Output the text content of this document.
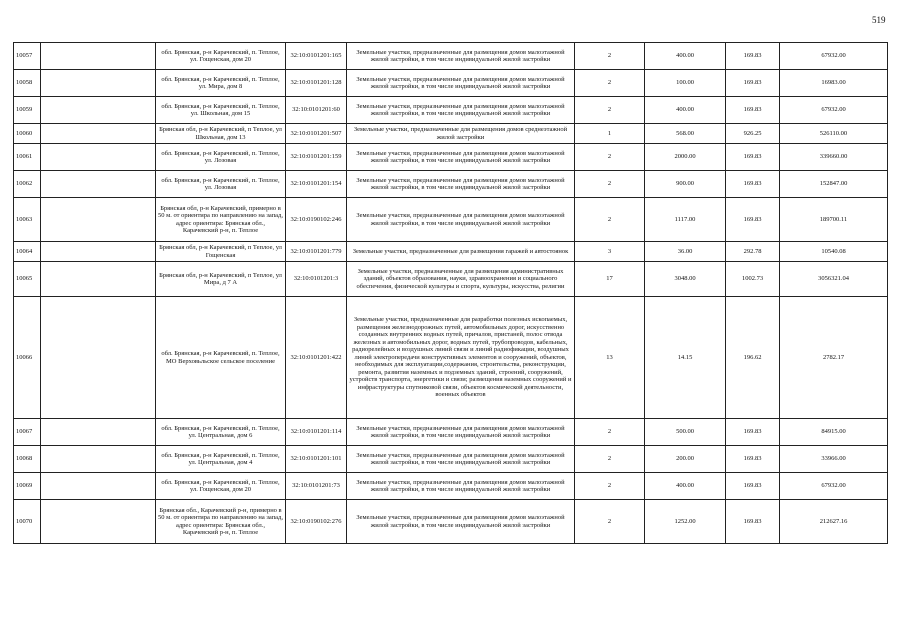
519
10057		обл. Брянская, р-н Карачевский, п. Теплое, ул. Гощенская, дом 20	32:10:0101201:165	Земельные участки, предназначенные для размещения домов малоэтажной жилой застройки, в том числе индивидуальной жилой застройки	2	400.00	169.83	67932.00
10058		обл. Брянская, р-н Карачевский, п. Теплое, ул. Мира, дом 8	32:10:0101201:128	Земельные участки, предназначенные для размещения домов малоэтажной жилой застройки, в том числе индивидуальной жилой застройки	2	100.00	169.83	16983.00
10059		обл. Брянская, р-н Карачевский, п. Теплое, ул. Школьная, дом 15	32:10:0101201:60	Земельные участки, предназначенные для размещения домов малоэтажной жилой застройки, в том числе индивидуальной жилой застройки	2	400.00	169.83	67932.00
10060		Брянская обл, р-н Карачевский, п Теплое, ул Школьная, дом 13	32:10:0101201:507	Земельные участки, предназначенные для размещения домов среднеэтажной жилой застройки	1	568.00	926.25	526110.00
10061		обл. Брянская, р-н Карачевский, п. Теплое, ул. Лозовая	32:10:0101201:159	Земельные участки, предназначенные для размещения домов малоэтажной жилой застройки, в том числе индивидуальной жилой застройки	2	2000.00	169.83	339660.00
10062		обл. Брянская, р-н Карачевский, п. Теплое, ул. Лозовая	32:10:0101201:154	Земельные участки, предназначенные для размещения домов малоэтажной жилой застройки, в том числе индивидуальной жилой застройки	2	900.00	169.83	152847.00
10063		Брянская обл, р-н Карачевский, примерно в 50 м. от ориентира по направлению на запад, адрес ориентира: Брянская обл., Карачевский р-н, п. Теплое	32:10:0190102:246	Земельные участки, предназначенные для размещения домов малоэтажной жилой застройки, в том числе индивидуальной жилой застройки	2	1117.00	169.83	189700.11
10064		Брянская обл, р-н Карачевский, п Теплое, ул Гощенская	32:10:0101201:779	Земельные участки, предназначенные для размещения гаражей и автостоянок	3	36.00	292.78	10540.08
10065		Брянская обл, р-н Карачевский, п Теплое, ул Мира, д 7 А	32:10:0101201:3	Земельные участки, предназначенные для размещения административных зданий, объектов образования, науки, здравоохранения и социального обеспечения, физической культуры и спорта, культуры, искусства, религии	17	3048.00	1002.73	3056321.04
10066		обл. Брянская, р-н Карачевский, п. Теплое, МО Верховьльское сельское поселение	32:10:0101201:422	Земельные участки, предназначенные для разработки полезных ископаемых, размещения железнодорожных путей, автомобильных дорог, искусственно созданных внутренних водных путей, причалов, пристаней, полос отвода железных и автомобильных дорог, водных путей, трубопроводов, кабельных, радиорелейных и воздушных линий связи и линий радиофикации, воздушных линий электропередачи конструктивных элементов и сооружений, объектов, необходимых для эксплуатации,содержания, строительства, реконструкции, ремонта, развития наземных и подземных зданий, строений, сооружений, устройств транспорта, энергетики и связи; размещения наземных сооружений и инфраструктуры спутниковой связи, объектов космической деятельности, военных объектов	13	14.15	196.62	2782.17
10067		обл. Брянская, р-н Карачевский, п. Теплое, ул. Центральная, дом 6	32:10:0101201:114	Земельные участки, предназначенные для размещения домов малоэтажной жилой застройки, в том числе индивидуальной жилой застройки	2	500.00	169.83	84915.00
10068		обл. Брянская, р-н Карачевский, п. Теплое, ул. Центральная, дом 4	32:10:0101201:101	Земельные участки, предназначенные для размещения домов малоэтажной жилой застройки, в том числе индивидуальной жилой застройки	2	200.00	169.83	33966.00
10069		обл. Брянская, р-н Карачевский, п. Теплое, ул. Гощенская, дом 20	32:10:0101201:73	Земельные участки, предназначенные для размещения домов малоэтажной жилой застройки, в том числе индивидуальной жилой застройки	2	400.00	169.83	67932.00
10070		Брянская обл., Карачевский р-н, примерно в 50 м. от ориентира по направлению на запад, адрес ориентира: Брянская обл., Карачевский р-н, п. Теплое	32:10:0190102:276	Земельные участки, предназначенные для размещения домов малоэтажной жилой застройки, в том числе индивидуальной жилой застройки	2	1252.00	169.83	212627.16
